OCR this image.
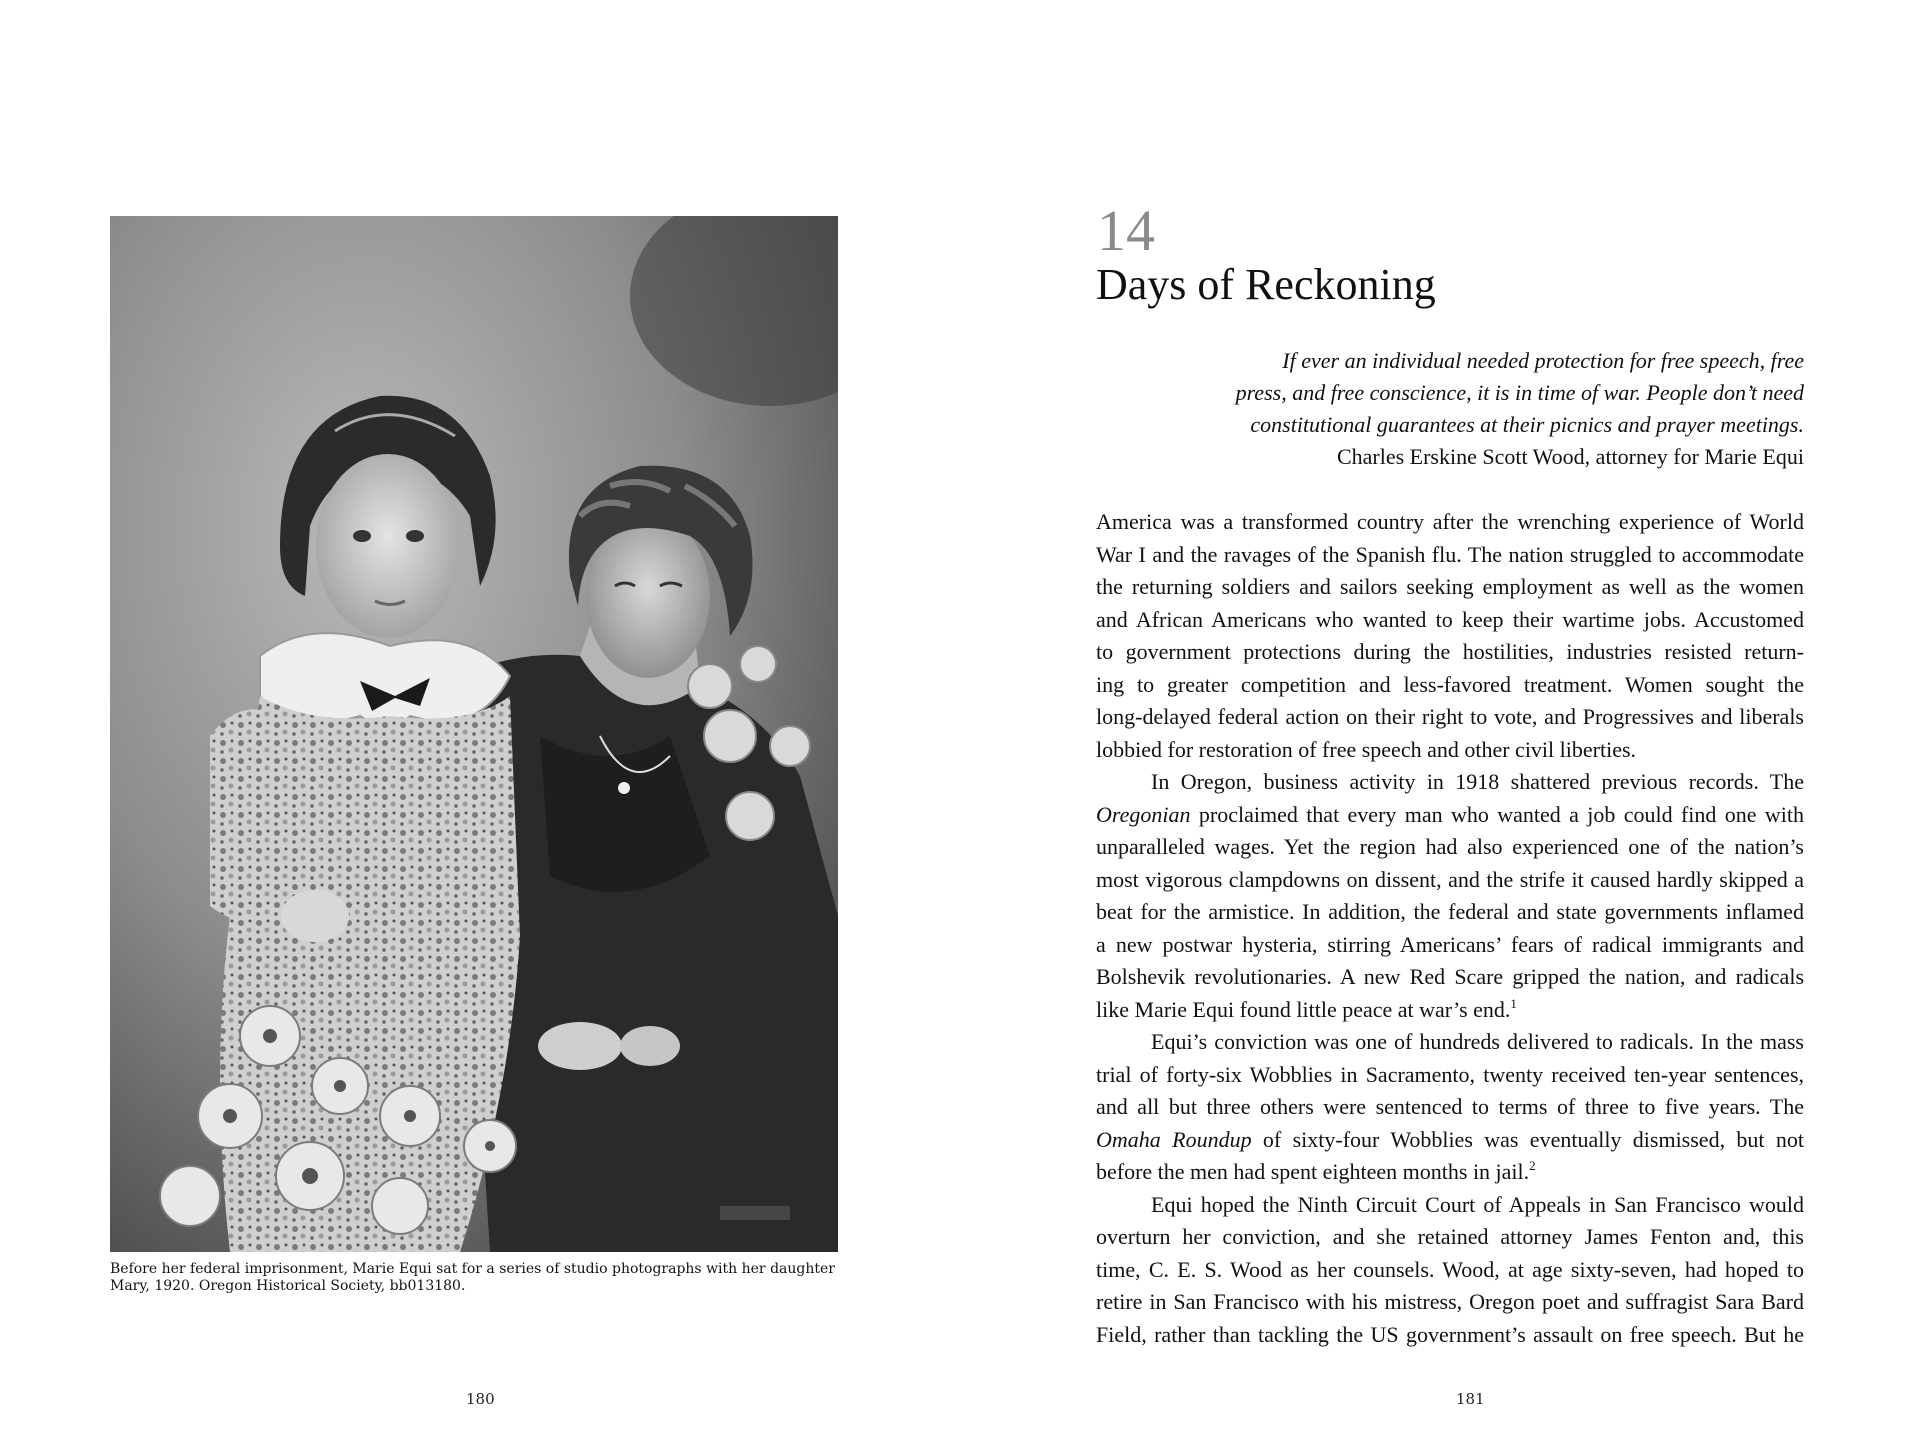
Before her federal imprisonment, Marie Equi sat for a series of studio photographs with her daughter
Mary, 1920. Oregon Historical Society, bb013180.
180
14
Days of Reckoning
If ever an individual needed protection for free speech, free
press, and free conscience, it is in time of war. People don’t need
constitutional guarantees at their picnics and prayer meetings.
Charles Erskine Scott Wood, attorney for Marie Equi
America was a transformed country after the wrenching experience of World
War I and the ravages of the Spanish flu. The nation struggled to accommodate
the returning soldiers and sailors seeking employment as well as the women
and African Americans who wanted to keep their wartime jobs. Accustomed
to government protections during the hostilities, industries resisted return-
ing to greater competition and less-favored treatment. Women sought the
long-delayed federal action on their right to vote, and Progressives and liberals
lobbied for restoration of free speech and other civil liberties.
In Oregon, business activity in 1918 shattered previous records. The
Oregonian proclaimed that every man who wanted a job could find one with
unparalleled wages. Yet the region had also experienced one of the nation’s
most vigorous clampdowns on dissent, and the strife it caused hardly skipped a
beat for the armistice. In addition, the federal and state governments inflamed
a new postwar hysteria, stirring Americans’ fears of radical immigrants and
Bolshevik revolutionaries. A new Red Scare gripped the nation, and radicals
like Marie Equi found little peace at war’s end.$^1$
Equi’s conviction was one of hundreds delivered to radicals. In the mass
trial of forty-six Wobblies in Sacramento, twenty received ten-year sentences,
and all but three others were sentenced to terms of three to five years. The
Omaha Roundup of sixty-four Wobblies was eventually dismissed, but not
before the men had spent eighteen months in jail.$^2$
Equi hoped the Ninth Circuit Court of Appeals in San Francisco would
overturn her conviction, and she retained attorney James Fenton and, this
time, C. E. S. Wood as her counsels. Wood, at age sixty-seven, had hoped to
retire in San Francisco with his mistress, Oregon poet and suffragist Sara Bard
Field, rather than tackling the US government’s assault on free speech. But he
181
